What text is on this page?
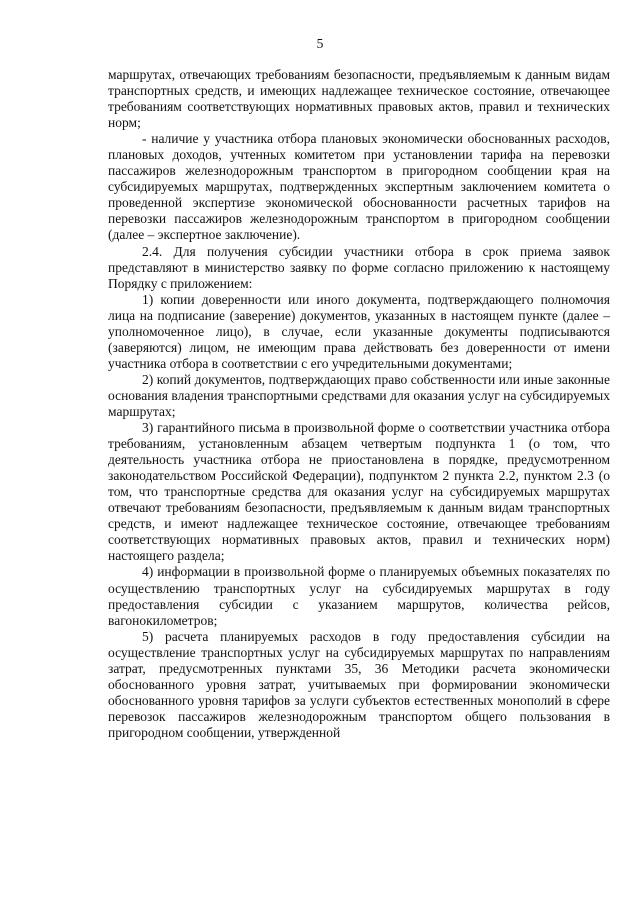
5

маршрутах, отвечающих требованиям безопасности, предъявляемым к данным видам транспортных средств, и имеющих надлежащее техническое состояние, отвечающее требованиям соответствующих нормативных правовых актов, правил и технических норм;

- наличие у участника отбора плановых экономически обоснованных расходов, плановых доходов, учтенных комитетом при установлении тарифа на перевозки пассажиров железнодорожным транспортом в пригородном сообщении края на субсидируемых маршрутах, подтвержденных экспертным заключением комитета о проведенной экспертизе экономической обоснованности расчетных тарифов на перевозки пассажиров железнодорожным транспортом в пригородном сообщении (далее – экспертное заключение).

2.4. Для получения субсидии участники отбора в срок приема заявок представляют в министерство заявку по форме согласно приложению к настоящему Порядку с приложением:

1) копии доверенности или иного документа, подтверждающего полномочия лица на подписание (заверение) документов, указанных в настоящем пункте (далее – уполномоченное лицо), в случае, если указанные документы подписываются (заверяются) лицом, не имеющим права действовать без доверенности от имени участника отбора в соответствии с его учредительными документами;

2) копий документов, подтверждающих право собственности или иные законные основания владения транспортными средствами для оказания услуг на субсидируемых маршрутах;

3) гарантийного письма в произвольной форме о соответствии участника отбора требованиям, установленным абзацем четвертым подпункта 1 (о том, что деятельность участника отбора не приостановлена в порядке, предусмотренном законодательством Российской Федерации), подпунктом 2 пункта 2.2, пунктом 2.3 (о том, что транспортные средства для оказания услуг на субсидируемых маршрутах отвечают требованиям безопасности, предъявляемым к данным видам транспортных средств, и имеют надлежащее техническое состояние, отвечающее требованиям соответствующих нормативных правовых актов, правил и технических норм) настоящего раздела;

4) информации в произвольной форме о планируемых объемных показателях по осуществлению транспортных услуг на субсидируемых маршрутах в году предоставления субсидии с указанием маршрутов, количества рейсов, вагонокилометров;

5) расчета планируемых расходов в году предоставления субсидии на осуществление транспортных услуг на субсидируемых маршрутах по направлениям затрат, предусмотренных пунктами 35, 36 Методики расчета экономически обоснованного уровня затрат, учитываемых при формировании экономически обоснованного уровня тарифов за услуги субъектов естественных монополий в сфере перевозок пассажиров железнодорожным транспортом общего пользования в пригородном сообщении, утвержденной
